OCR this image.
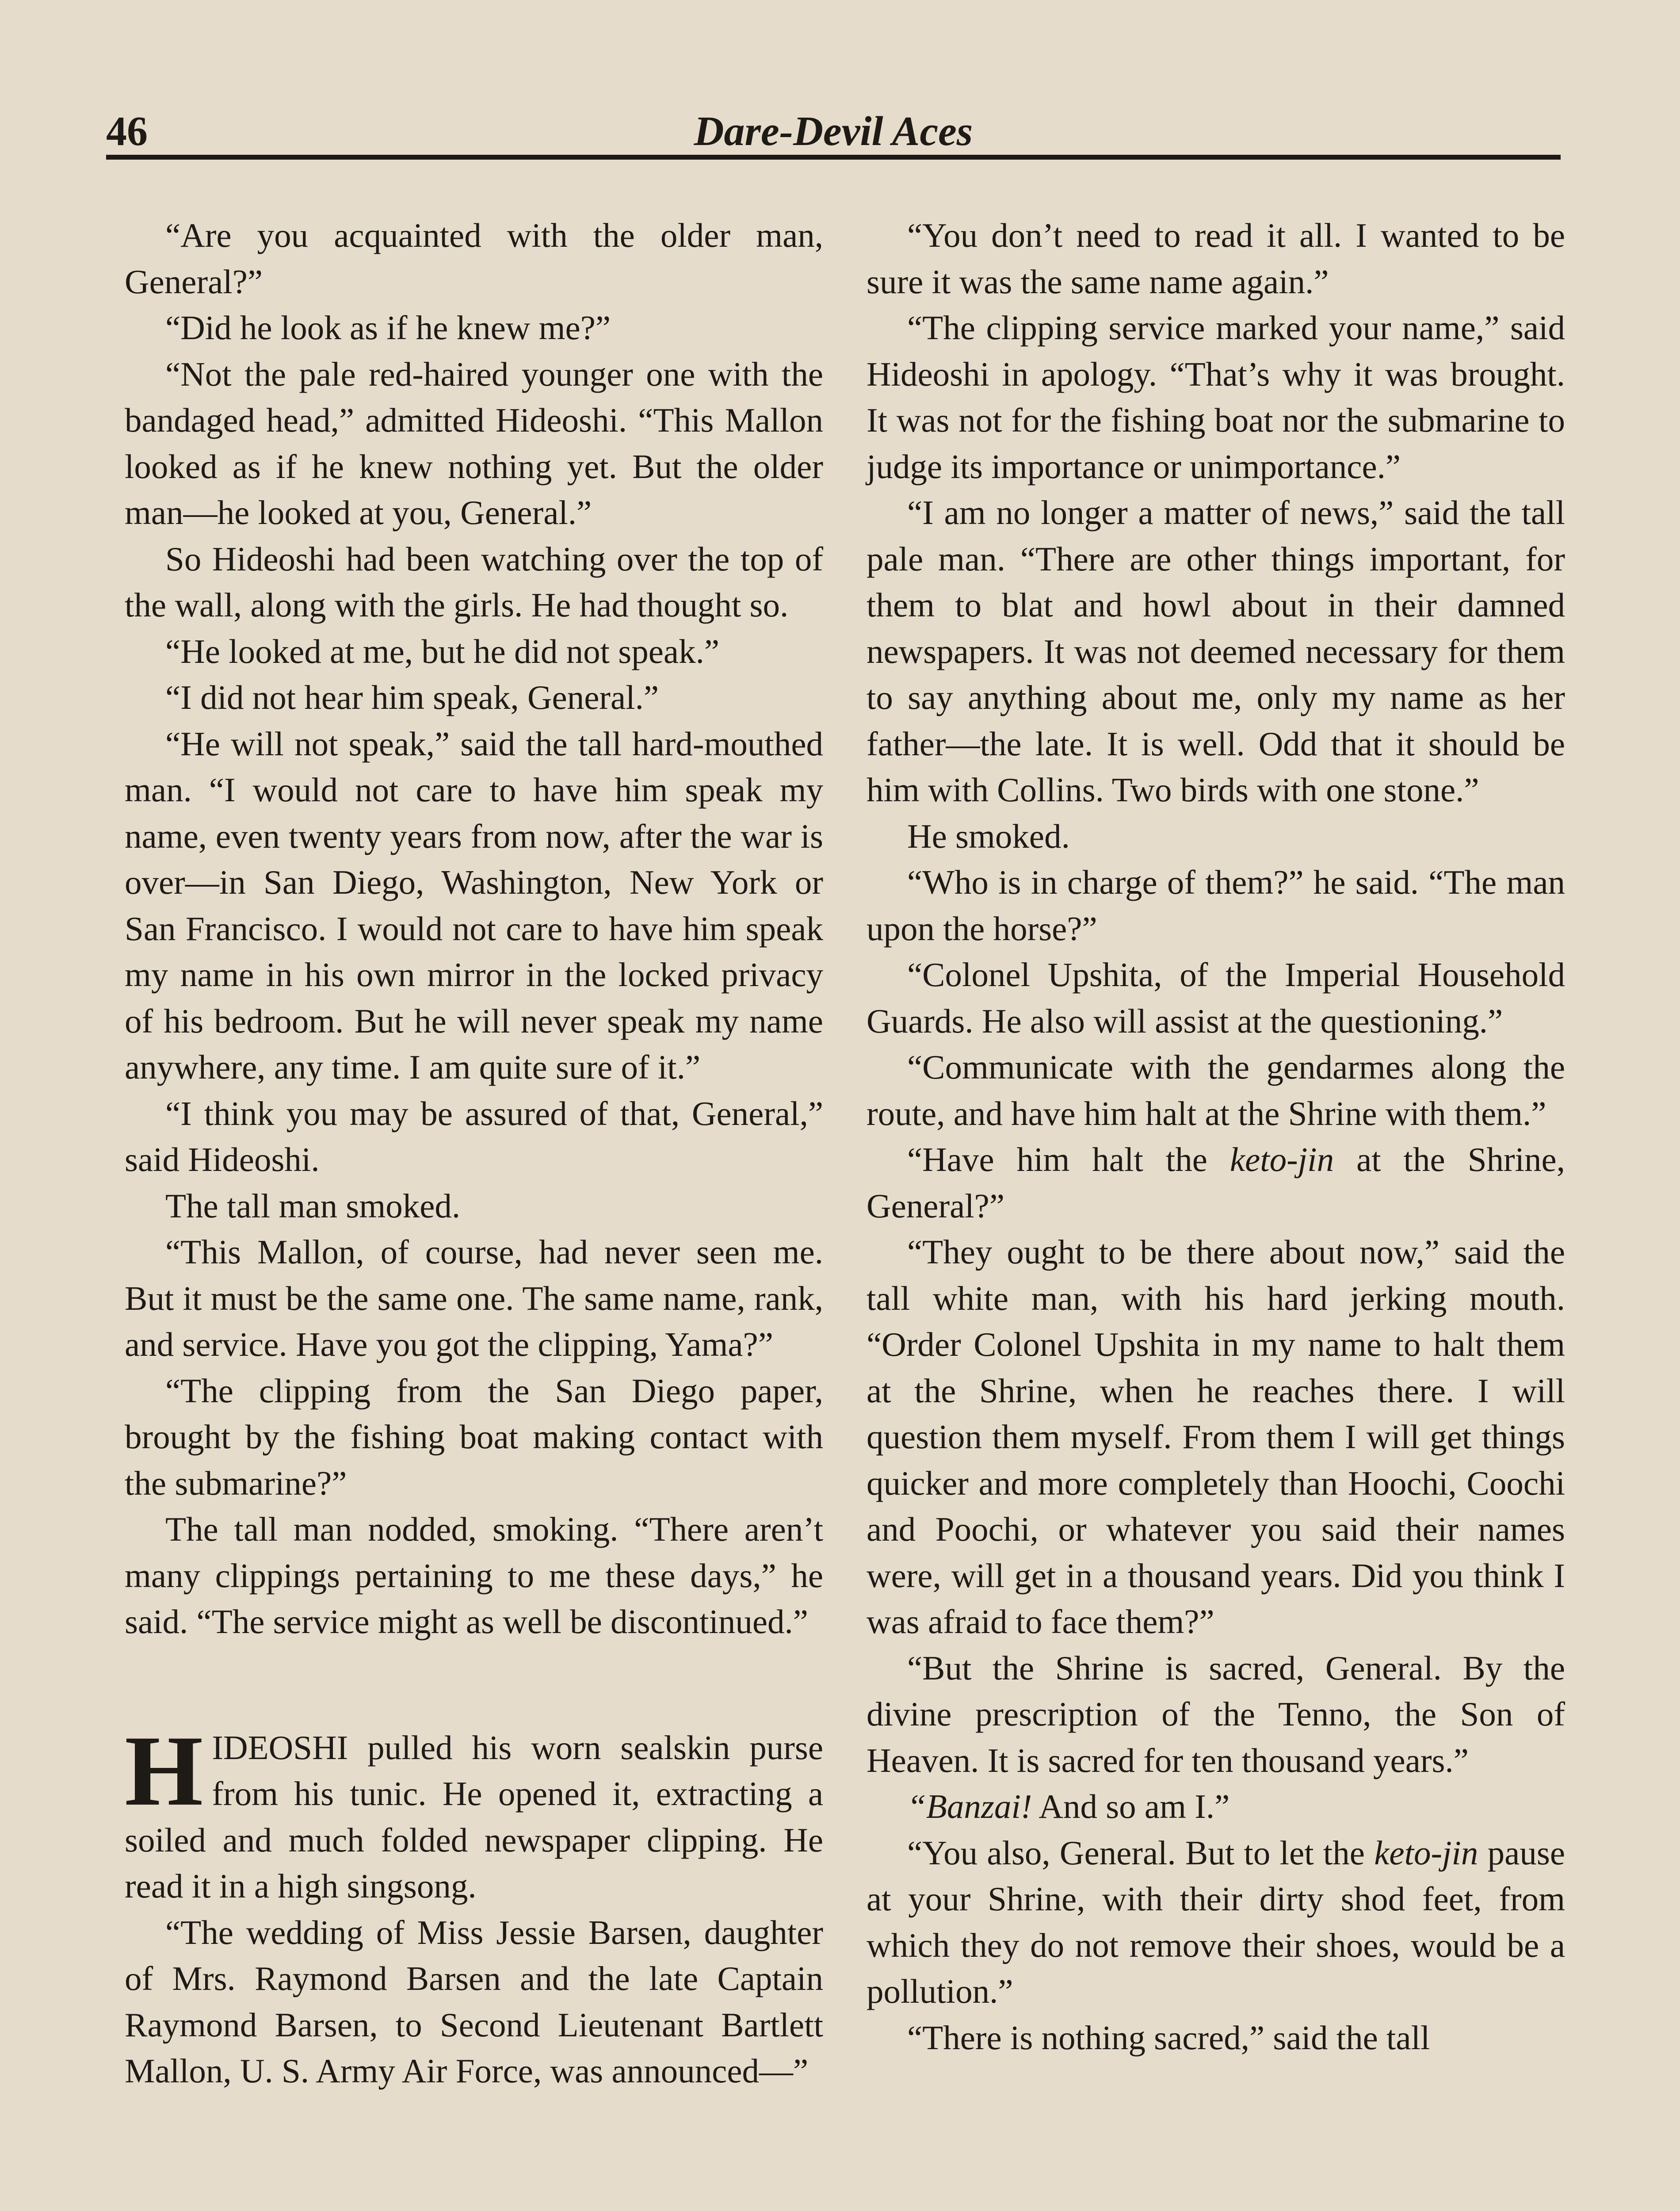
46	Dare-Devil Aces

“Are you acquainted with the older man, General?”

“Did he look as if he knew me?”

“Not the pale red-haired younger one with the bandaged head,” admitted Hideoshi. “This Mallon looked as if he knew nothing yet. But the older man—he looked at you, General.”

So Hideoshi had been watching over the top of the wall, along with the girls. He had thought so.

“He looked at me, but he did not speak.”

“I did not hear him speak, General.”

“He will not speak,” said the tall hard-mouthed man. “I would not care to have him speak my name, even twenty years from now, after the war is over—in San Diego, Washington, New York or San Francisco. I would not care to have him speak my name in his own mirror in the locked privacy of his bedroom. But he will never speak my name anywhere, any time. I am quite sure of it.”

“I think you may be assured of that, General,” said Hideoshi.

The tall man smoked.

“This Mallon, of course, had never seen me. But it must be the same one. The same name, rank, and service. Have you got the clipping, Yama?”

“The clipping from the San Diego paper, brought by the fishing boat making contact with the submarine?”

The tall man nodded, smoking. “There aren’t many clippings pertaining to me these days,” he said. “The service might as well be discontinued.”

HIDEOSHI pulled his worn sealskin purse from his tunic. He opened it, extracting a soiled and much folded newspaper clipping. He read it in a high singsong.

“The wedding of Miss Jessie Barsen, daughter of Mrs. Raymond Barsen and the late Captain Raymond Barsen, to Second Lieutenant Bartlett Mallon, U. S. Army Air Force, was announced—”

“You don’t need to read it all. I wanted to be sure it was the same name again.”

“The clipping service marked your name,” said Hideoshi in apology. “That’s why it was brought. It was not for the fishing boat nor the submarine to judge its importance or unimportance.”

“I am no longer a matter of news,” said the tall pale man. “There are other things important, for them to blat and howl about in their damned newspapers. It was not deemed necessary for them to say anything about me, only my name as her father—the late. It is well. Odd that it should be him with Collins. Two birds with one stone.”

He smoked.

“Who is in charge of them?” he said. “The man upon the horse?”

“Colonel Upshita, of the Imperial Household Guards. He also will assist at the questioning.”

“Communicate with the gendarmes along the route, and have him halt at the Shrine with them.”

“Have him halt the keto-jin at the Shrine, General?”

“They ought to be there about now,” said the tall white man, with his hard jerking mouth. “Order Colonel Upshita in my name to halt them at the Shrine, when he reaches there. I will question them myself. From them I will get things quicker and more completely than Hoochi, Coochi and Poochi, or whatever you said their names were, will get in a thousand years. Did you think I was afraid to face them?”

“But the Shrine is sacred, General. By the divine prescription of the Tenno, the Son of Heaven. It is sacred for ten thousand years.”

“Banzai! And so am I.”

“You also, General. But to let the keto-jin pause at your Shrine, with their dirty shod feet, from which they do not remove their shoes, would be a pollution.”

“There is nothing sacred,” said the tall
